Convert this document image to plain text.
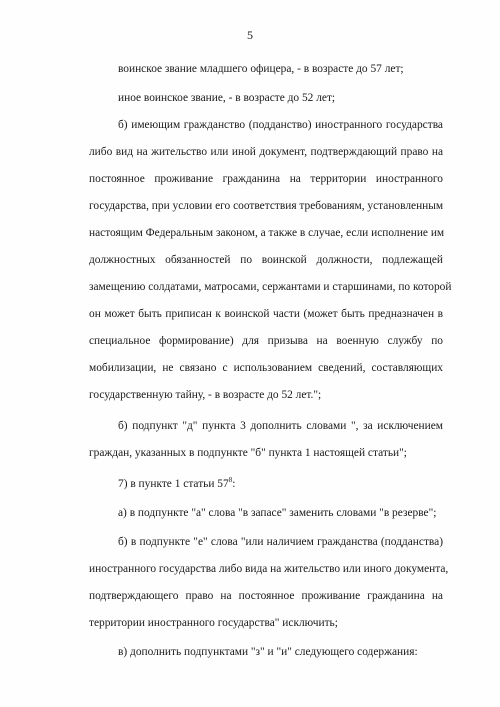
5
воинское звание младшего офицера, - в возрасте до 57 лет;
иное воинское звание, - в возрасте до 52 лет;
б) имеющим гражданство (подданство) иностранного государства
либо вид на жительство или иной документ, подтверждающий право на
постоянное проживание гражданина на территории иностранного
государства, при условии его соответствия требованиям, установленным
настоящим Федеральным законом, а также в случае, если исполнение им
должностных обязанностей по воинской должности, подлежащей
замещению солдатами, матросами, сержантами и старшинами, по которой
он может быть приписан к воинской части (может быть предназначен в
специальное формирование) для призыва на военную службу по
мобилизации, не связано с использованием сведений, составляющих
государственную тайну, - в возрасте до 52 лет.";
б) подпункт "д" пункта 3 дополнить словами ", за исключением
граждан, указанных в подпункте "б" пункта 1 настоящей статьи";
7) в пункте 1 статьи $57^8$:
а) в подпункте "а" слова "в запасе" заменить словами "в резерве";
б) в подпункте "е" слова "или наличием гражданства (подданства)
иностранного государства либо вида на жительство или иного документа,
подтверждающего право на постоянное проживание гражданина на
территории иностранного государства" исключить;
в) дополнить подпунктами "з" и "и" следующего содержания:
